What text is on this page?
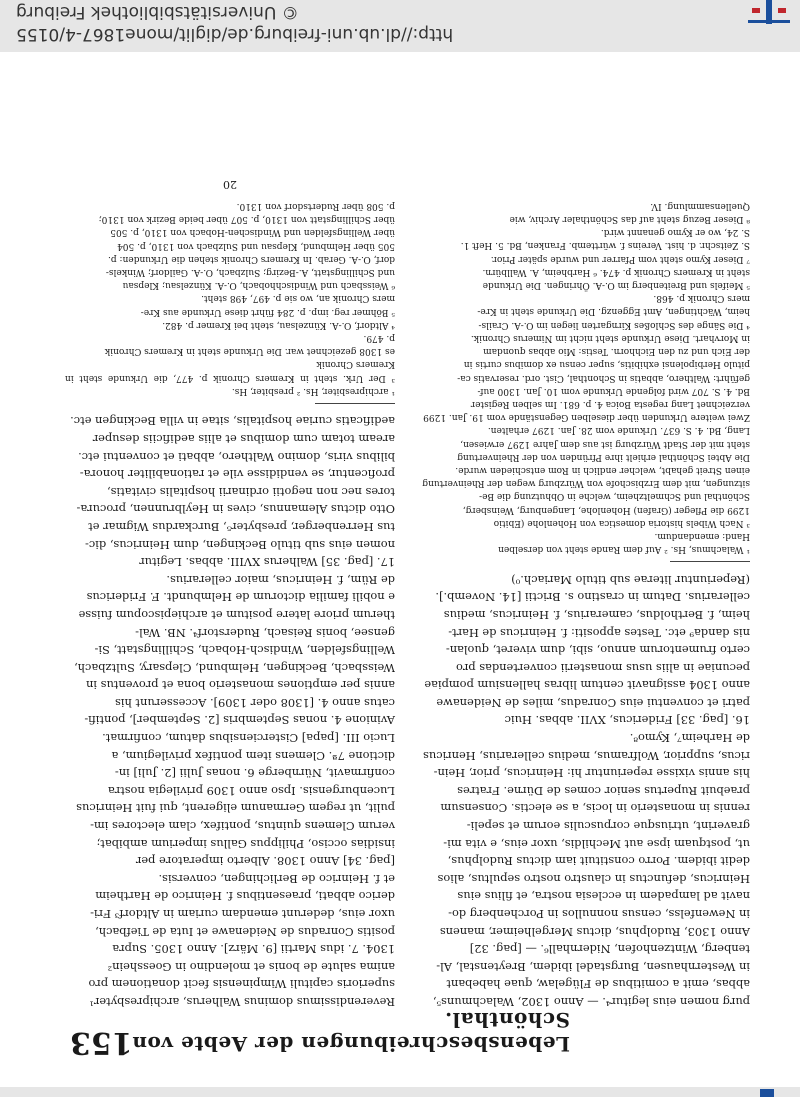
© Universitätsbibliothek Freiburg
http://dl.ub.uni-freiburg.de/diglit/mone1867-4/0155
Lebensbeschreibungen der Aebte von Schönthal.
153

purg nomen eius legitur⁴. — Anno 1302, Walachmuns⁵,

abbas, emit a comitibus de Flügelaw, quae habebant

in Westernhausen, Burgstadel ibidem, Breytenstal, Al-

tenberg, Wintzenhofen, Nidernhall⁶. — [pag. 32]

Anno 1303, Rudolphus, dictus Mergelheimer, manens

in Newenfelss, census nonnullos in Porchenberg do-

navit ad lampadem in ecclesia nostra, et filius eius

Heinricus, defunctus in claustro nostro sepultus, alios

dedit ibidem. Porro constituit iam dictus Rudolphus,

ut, postquam ipse aut Mechildis, uxor eius, e vita mi-

graverint, utriusque corpusculis eorum et sepeli-

rennis in monasterio in locis, a se electis. Consensum

praebuit Rupertus senior comes de Dürne. Fratres

his annis vixisse reperiuntur hi: Heinricus, prior, Hein-

ricus, supprior, Wolframus, medius cellerarius, Henricus

de Harheim⁷, Kymo⁸.

16. [pag. 33] Fridericus, XVII. abbas. Huic

patri et conventui eius Conradus, miles de Neidenawe

anno 1304 assignavit centum libras hallensium pompiae

pecuniae in aliis usus monasterii convertendas pro

certo frumentorum annuo, sibi, dum viveret, quolan-

nis danda⁹ etc. Testes appositi: f. Heinricus de Hart-

heim, f. Bertholdus, camerarius, f. Heinricus, medius

cellerarius. Datum in crastino s. Brictii [14. Novemb.].

(Reperiuntur literae sub titulo Mariach.⁰)

¹ Walachmus, Hs. ² Auf dem Rande steht von derselben

Hand: emendandum.

³ Nach Wibels historia domestica von Hohenlohe (Ebitio

1299 die Pfleger (Grafen) Hohenlohe, Langenburg, Weinsberg,

Schönthal und Schmeltzheim, welche in Obhutzung die Be-

sitzungen, mit dem Erzbischofe von Würzburg wegen der Rheinvertung

einen Streit gehabt, welcher endlich in Rom entschieden wurde.

Die Abtei Schönthal erhielt ihre Pfründen von der Rheinvertung

steht mit der Stadt Würzburg ist aus dem Jahre 1297 erwiesen,

Lang, Bd. 4. S. 637. Urkunde vom 28. Jan. 1297 erhalten.

Zwei weitere Urkunden über dieselben Gegenstände vom 19. Jan. 1299

verzeichnet Lang regesta Boica 4. p. 681. Im selben Register

Bd. 4. S. 707 wird folgende Urkunde vom 10. Jan. 1300 auf-

geführt: Walthero, abbatis in Schonthal, Cist. ord. reservatis ca-

pitulo Herbipolensi exhibitis, super censu ex domibus curtis in

der Eich und zu den Eichhorn. Testis: Mio abbas quondam

in Morvhart. Diese Urkunde steht nicht im Nimerus Chronik.

⁴ Die Sänge des Schloßes Kirngarten liegen im O.-A. Crails-

heim, Wächtingen, Amt Eggenzg. Die Urkunde steht in Kre-

mers Chronik p. 468.

⁵ Meifels und Breitenberg im O.-A. Öhringen. Die Urkunde

steht in Kremers Chronik p. 474. ⁶ Harbheim, A. Wallbürn.

⁷ Dieser Kymo steht vom Pfarrer und wurde später Prior.

S. Zeitschr. d. hist. Vereins f. württemb. Franken, Bd. 5. Heft 1.

S. 24, wo er Kymo genannt wird.

⁸ Dieser Bezug steht auf das Schönthaler Archiv, wie

Quellensammlung. IV.

Reverendissimus dominus Walherus, archipresbyter¹

superioris capituli Wimpinensis fecit donationem pro

anima salute de bonis et molendino in Goesshein²

1304. 7. idus Martii [9. März]. Anno 1305. Supra

positis Conradus de Neidenawe et Iuta de Tiefbach,

uxor eius, dederunt emendam curiam in Altdorf³ Fri-

derico abbati, praesentibus f. Heinrico de Hartheim

et f. Heinrico de Berlichingen, conversis.

[pag. 34] Anno 1308. Alberto imperatore per

insidias occiso, Philippus Gallus imperium ambibat;

verum Clemens quintus, pontifex, clam electores im-

pulit, ut regem Germanum eligerent, qui fuit Heinricus

Lucenburgensis. Ipso anno 1309 privilegia nostra

confirmavit, Nürnberge 6. nonas Julii [2. Juli] in-

dictione 7ª. Clemens item pontifex privilegium, a

Lucio III. [papa] Cisterciensibus datum, confirmat.

Avinione 4. nonas Septembris [2. September], pontifi-

catus anno 4. [1308 oder 1309]. Accesserunt his

annis per emptiones monasterio bona et proventus in

Weissbach, Beckingen, Helmbund, Clepsary, Sultzbach,

Wellingsfelden, Windisch-Hobach, Schillingstatt, Si-

gensee, bonis Reisach, Ruderstorf⁴. NB. Wal-

therum priore latere positum et archiepiscopum fuisse

e nobili familia dictorum de Helmbundt. F. Fridericus

de Rüm, f. Heinricus, maior cellerarius.

17. [pag. 35] Walherus XVIII. abbas. Legitur

nomen eius sub titulo Beckingen, dum Heinricus, dic-

tus Herrenberger, presbyter⁵, Burckardus Wigmar et

Otto dictus Alemannus, cives in Heylbrunnen, procura-

tores nec non negotii ordinarii hospitalis civitatis,

proficentur, se vendidisse vile et rationabiliter honora-

bilibus viris, domino Walthero, abbati et conventui etc.

aream totam cum domibus et aliis aedificiis desuper

aedificatis curiae hospitalis, sitae in villa Beckingen etc.

¹ archipresbiter, Hs. ² presbiter, Hs.

³ Der Urk. steht in Kremers Chronik p. 477, die Urkunde steht in Kremers Chronik

es 1308 gezeichnet war. Die Urkunde steht in Kremers Chronik

p. 479.

⁴ Altdorf, O.-A. Künzelsau, steht bei Kremer p. 482.

⁵ Böhmer reg. imp. p. 284 führt diese Urkunde aus Kre-

mers Chronik an, wo sie p. 497, 498 steht.

⁶ Weissbach und Windischhobach, O.-A. Künzelsau; Klepsau

und Schillingstatt, A.-Bezirg; Sulzbach, O.-A. Gaildorf; Winkels-

dorf, O.-A. Gerab. In Kremers Chronik stehen die Urkunden: p.

505 über Helmbund, Klepsau und Sulzbach von 1310, p. 504

über Wellingsfelden und Windischen-Hobach von 1310, p. 505

über Schillingstatt von 1310, p. 507 über beide Bezirk von 1310;

p. 508 über Rudertsdorf von 1310.

20
